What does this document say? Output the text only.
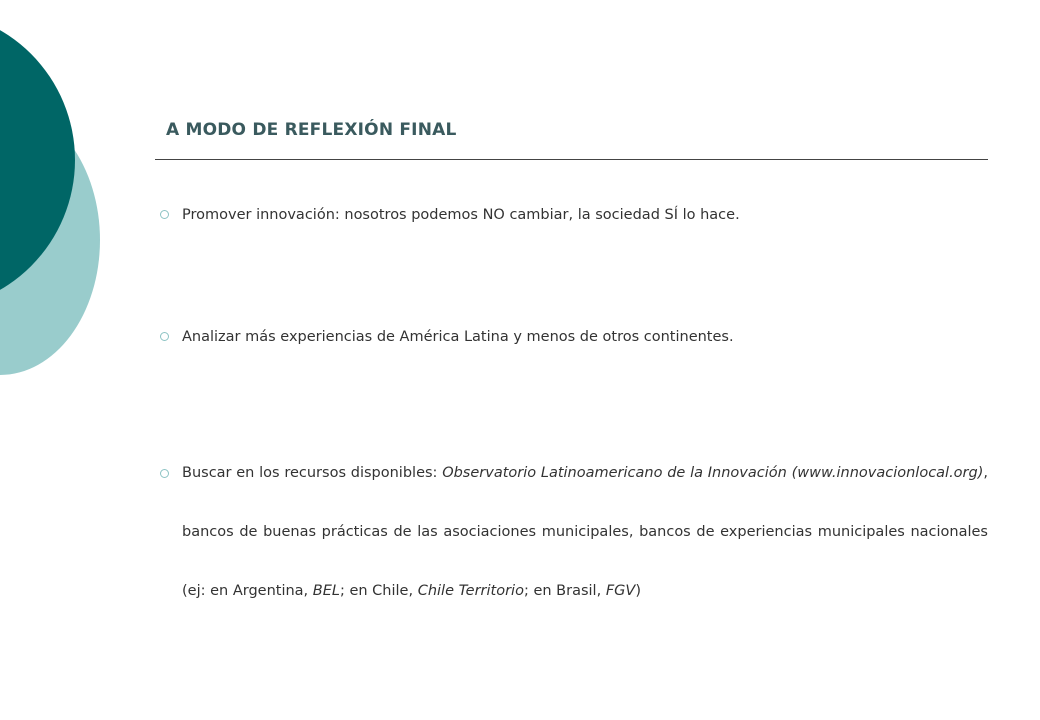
A MODO DE REFLEXIÓN FINAL
Promover innovación: nosotros podemos NO cambiar, la sociedad SÍ lo hace.
Analizar más experiencias de América Latina y menos de otros continentes.
Buscar en los recursos disponibles: Observatorio Latinoamericano de la Innovación (www.innovacionlocal.org), bancos de buenas prácticas de las asociaciones municipales, bancos de experiencias municipales nacionales (ej: en Argentina, BEL; en Chile, Chile Territorio; en Brasil, FGV)
